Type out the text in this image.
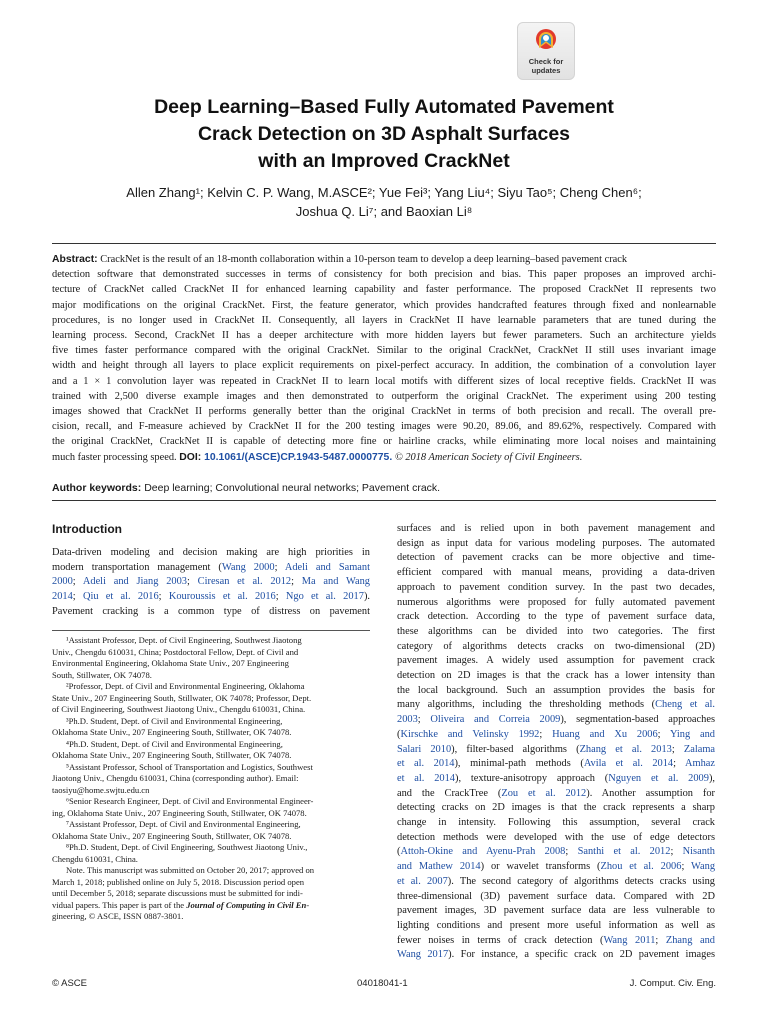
Check for
updates
Deep Learning–Based Fully Automated Pavement
Crack Detection on 3D Asphalt Surfaces
with an Improved CrackNet
Allen Zhang¹; Kelvin C. P. Wang, M.ASCE²; Yue Fei³; Yang Liu⁴; Siyu Tao⁵; Cheng Chen⁶;
Joshua Q. Li⁷; and Baoxian Li⁸
Abstract: CrackNet is the result of an 18-month collaboration within a 10-person team to develop a deep learning–based pavement crack
detection software that demonstrated successes in terms of consistency for both precision and bias. This paper proposes an improved archi-
tecture of CrackNet called CrackNet II for enhanced learning capability and faster performance. The proposed CrackNet II represents two
major modifications on the original CrackNet. First, the feature generator, which provides handcrafted features through fixed and nonlearnable
procedures, is no longer used in CrackNet II. Consequently, all layers in CrackNet II have learnable parameters that are tuned during the
learning process. Second, CrackNet II has a deeper architecture with more hidden layers but fewer parameters. Such an architecture yields
five times faster performance compared with the original CrackNet. Similar to the original CrackNet, CrackNet II still uses invariant image
width and height through all layers to place explicit requirements on pixel-perfect accuracy. In addition, the combination of a convolution layer
and a 1 × 1 convolution layer was repeated in CrackNet II to learn local motifs with different sizes of local receptive fields. CrackNet II was
trained with 2,500 diverse example images and then demonstrated to outperform the original CrackNet. The experiment using 200 testing
images showed that CrackNet II performs generally better than the original CrackNet in terms of both precision and recall. The overall pre-
cision, recall, and F-measure achieved by CrackNet II for the 200 testing images were 90.20, 89.06, and 89.62%, respectively. Compared with
the original CrackNet, CrackNet II is capable of detecting more fine or hairline cracks, while eliminating more local noises and maintaining
much faster processing speed. DOI: 10.1061/(ASCE)CP.1943-5487.0000775. © 2018 American Society of Civil Engineers.
Author keywords: Deep learning; Convolutional neural networks; Pavement crack.
Introduction
Data-driven modeling and decision making are high priorities in
modern transportation management (Wang 2000; Adeli and Samant
2000; Adeli and Jiang 2003; Ciresan et al. 2012; Ma and Wang
2014; Qiu et al. 2016; Kouroussis et al. 2016; Ngo et al. 2017).
Pavement cracking is a common type of distress on pavement
¹Assistant Professor, Dept. of Civil Engineering, Southwest Jiaotong
Univ., Chengdu 610031, China; Postdoctoral Fellow, Dept. of Civil and
Environmental Engineering, Oklahoma State Univ., 207 Engineering
South, Stillwater, OK 74078.
²Professor, Dept. of Civil and Environmental Engineering, Oklahoma
State Univ., 207 Engineering South, Stillwater, OK 74078; Professor, Dept.
of Civil Engineering, Southwest Jiaotong Univ., Chengdu 610031, China.
³Ph.D. Student, Dept. of Civil and Environmental Engineering,
Oklahoma State Univ., 207 Engineering South, Stillwater, OK 74078.
⁴Ph.D. Student, Dept. of Civil and Environmental Engineering,
Oklahoma State Univ., 207 Engineering South, Stillwater, OK 74078.
⁵Assistant Professor, School of Transportation and Logistics, Southwest
Jiaotong Univ., Chengdu 610031, China (corresponding author). Email:
taosiyu@home.swjtu.edu.cn
⁶Senior Research Engineer, Dept. of Civil and Environmental Engineer-
ing, Oklahoma State Univ., 207 Engineering South, Stillwater, OK 74078.
⁷Assistant Professor, Dept. of Civil and Environmental Engineering,
Oklahoma State Univ., 207 Engineering South, Stillwater, OK 74078.
⁸Ph.D. Student, Dept. of Civil Engineering, Southwest Jiaotong Univ.,
Chengdu 610031, China.
Note. This manuscript was submitted on October 20, 2017; approved on
March 1, 2018; published online on July 5, 2018. Discussion period open
until December 5, 2018; separate discussions must be submitted for indi-
vidual papers. This paper is part of the Journal of Computing in Civil En-
gineering, © ASCE, ISSN 0887-3801.
surfaces and is relied upon in both pavement management and
design as input data for various modeling purposes. The automated
detection of pavement cracks can be more objective and time-
efficient compared with manual means, providing a data-driven
approach to pavement condition survey. In the past two decades,
numerous algorithms were proposed for fully automated pavement
crack detection. According to the type of pavement surface data,
these algorithms can be divided into two categories. The first
category of algorithms detects cracks on two-dimensional (2D)
pavement images. A widely used assumption for pavement crack
detection on 2D images is that the crack has a lower intensity than
the local background. Such an assumption provides the basis for
many algorithms, including the thresholding methods (Cheng et al.
2003; Oliveira and Correia 2009), segmentation-based approaches
(Kirschke and Velinsky 1992; Huang and Xu 2006; Ying and
Salari 2010), filter-based algorithms (Zhang et al. 2013; Zalama
et al. 2014), minimal-path methods (Avila et al. 2014; Amhaz
et al. 2014), texture-anisotropy approach (Nguyen et al. 2009),
and the CrackTree (Zou et al. 2012). Another assumption for
detecting cracks on 2D images is that the crack represents a sharp
change in intensity. Following this assumption, several crack
detection methods were developed with the use of edge detectors
(Attoh-Okine and Ayenu-Prah 2008; Santhi et al. 2012; Nisanth
and Mathew 2014) or wavelet transforms (Zhou et al. 2006; Wang
et al. 2007). The second category of algorithms detects cracks using
three-dimensional (3D) pavement surface data. Compared with 2D
pavement images, 3D pavement surface data are less vulnerable to
lighting conditions and present more useful information as well as
fewer noises in terms of crack detection (Wang 2011; Zhang and
Wang 2017). For instance, a specific crack on 2D pavement images
© ASCE	04018041-1	J. Comput. Civ. Eng.
